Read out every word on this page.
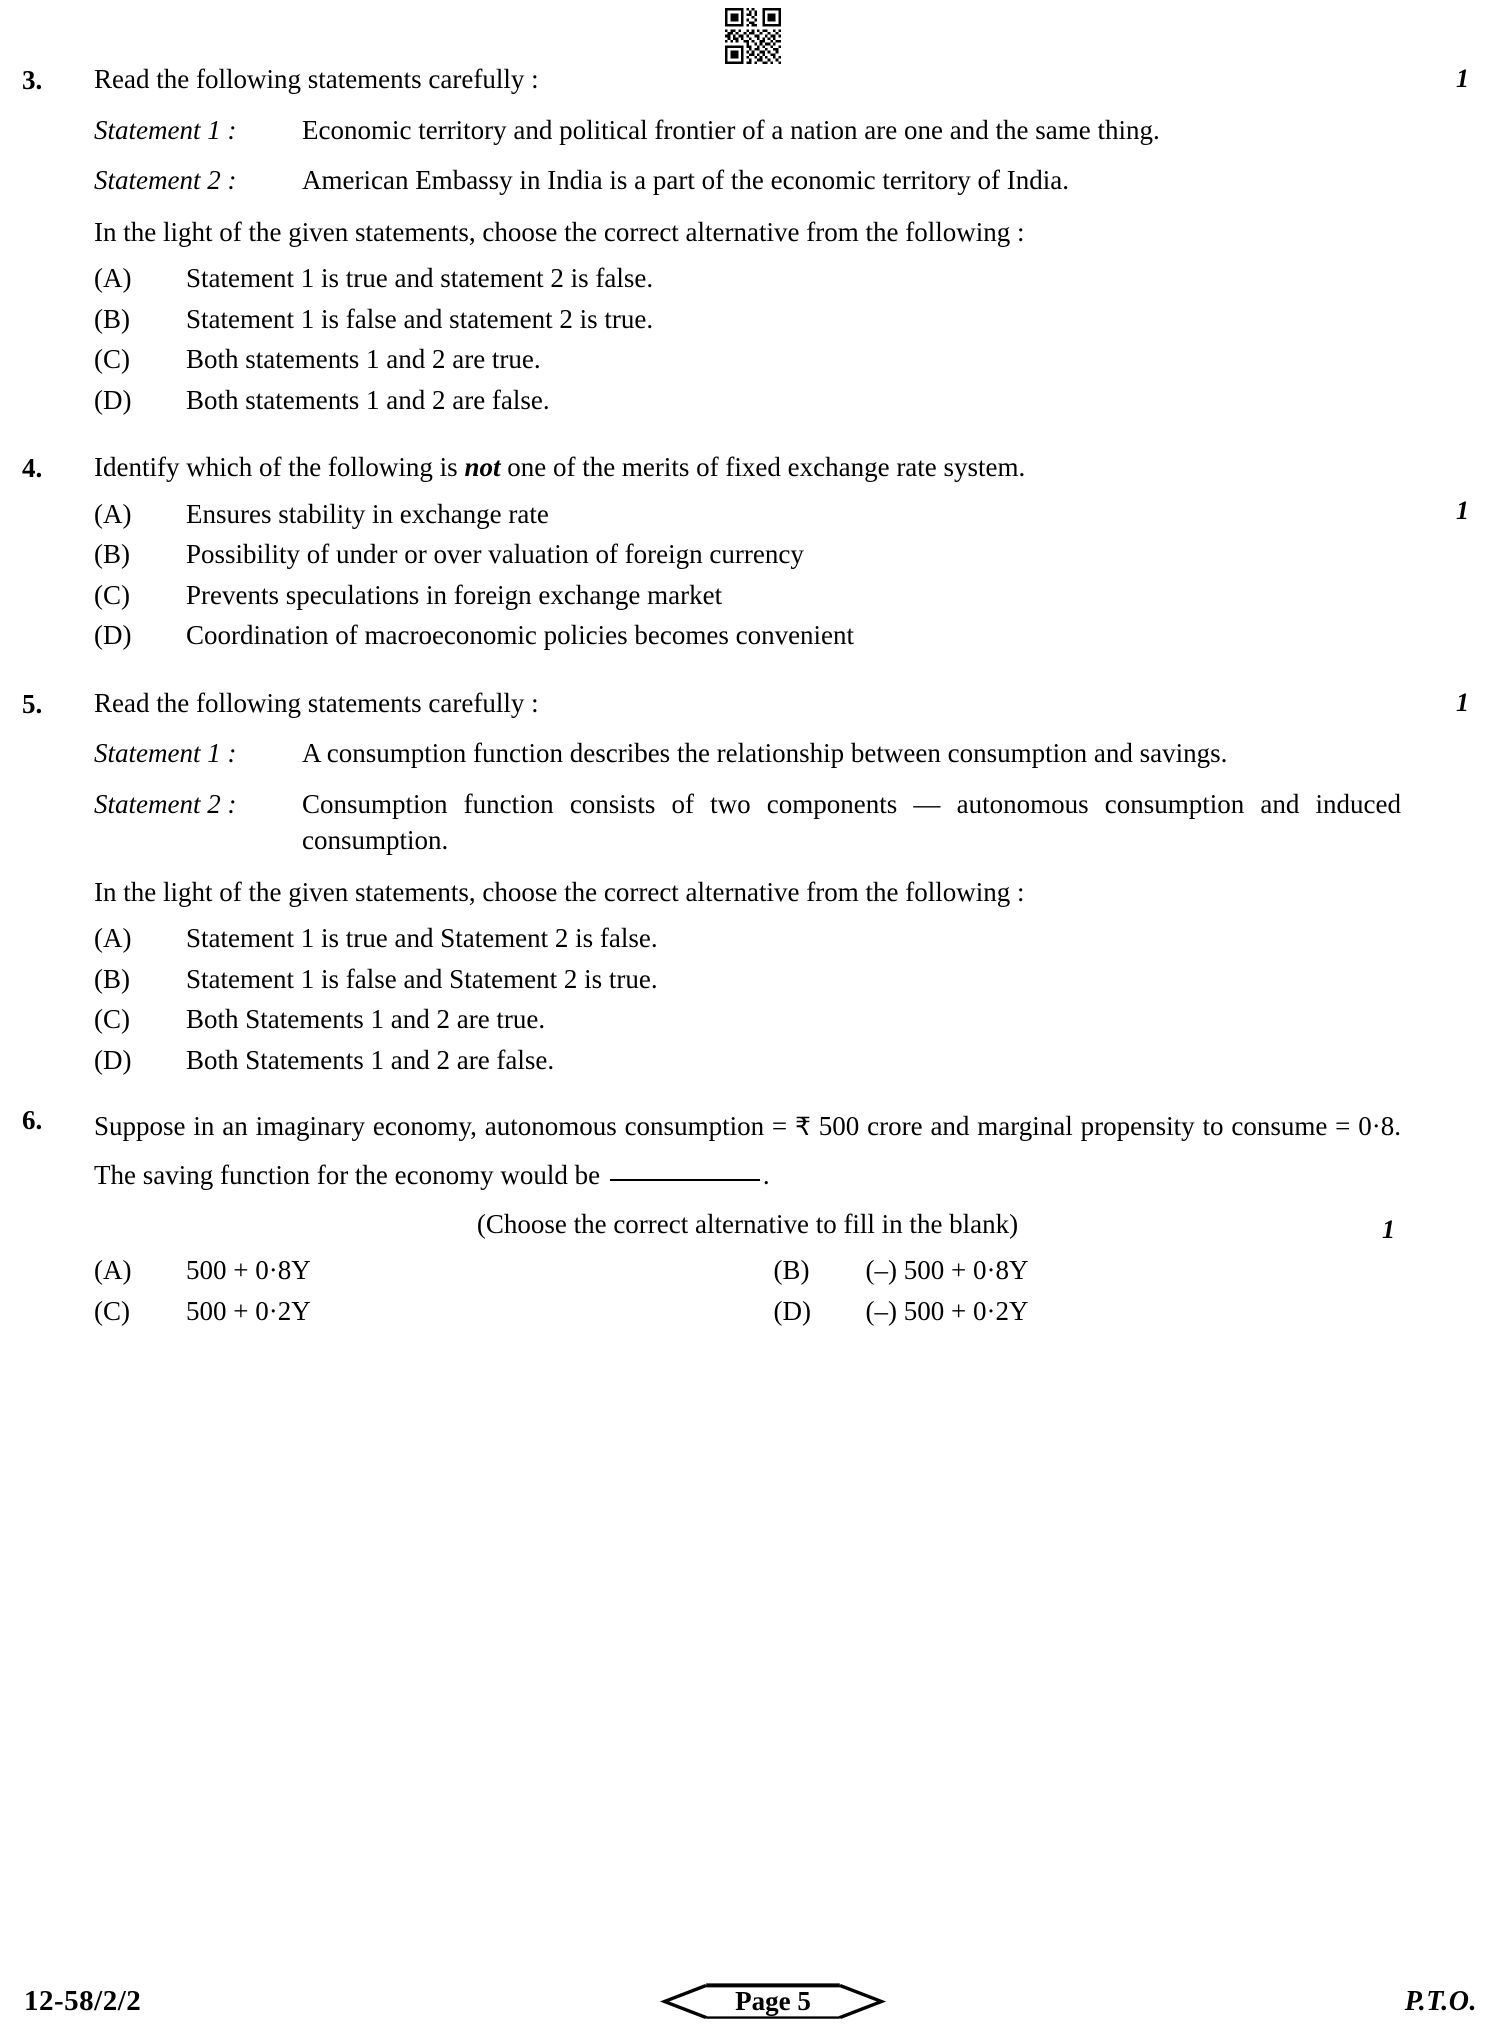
3.	1
Read the following statements carefully :
Statement 1 :	Economic territory and political frontier of a nation are one and the same thing.
Statement 2 :	American Embassy in India is a part of the economic territory of India.
In the light of the given statements, choose the correct alternative from the following :
(A)	Statement 1 is true and statement 2 is false.
(B)	Statement 1 is false and statement 2 is true.
(C)	Both statements 1 and 2 are true.
(D)	Both statements 1 and 2 are false.
4.
1
Identify which of the following is not one of the merits of fixed exchange rate system.
(A)	Ensures stability in exchange rate
(B)	Possibility of under or over valuation of foreign currency
(C)	Prevents speculations in foreign exchange market
(D)	Coordination of macroeconomic policies becomes convenient
5.	1
Read the following statements carefully :
Statement 1 :	A consumption function describes the relationship between consumption and savings.
Statement 2 :	Consumption function consists of two components — autonomous consumption and induced consumption.
In the light of the given statements, choose the correct alternative from the following :
(A)	Statement 1 is true and Statement 2 is false.
(B)	Statement 1 is false and Statement 2 is true.
(C)	Both Statements 1 and 2 are true.
(D)	Both Statements 1 and 2 are false.
6.	Suppose in an imaginary economy, autonomous consumption = ₹ 500 crore and marginal propensity to consume = 0·8. The saving function for the economy would be	.
1
(Choose the correct alternative to fill in the blank)
(A)	500 + 0·8Y	(B)	(–) 500 + 0·8Y
(C)	500 + 0·2Y	(D)	(–) 500 + 0·2Y
12-58/2/2	Page 5	P.T.O.
